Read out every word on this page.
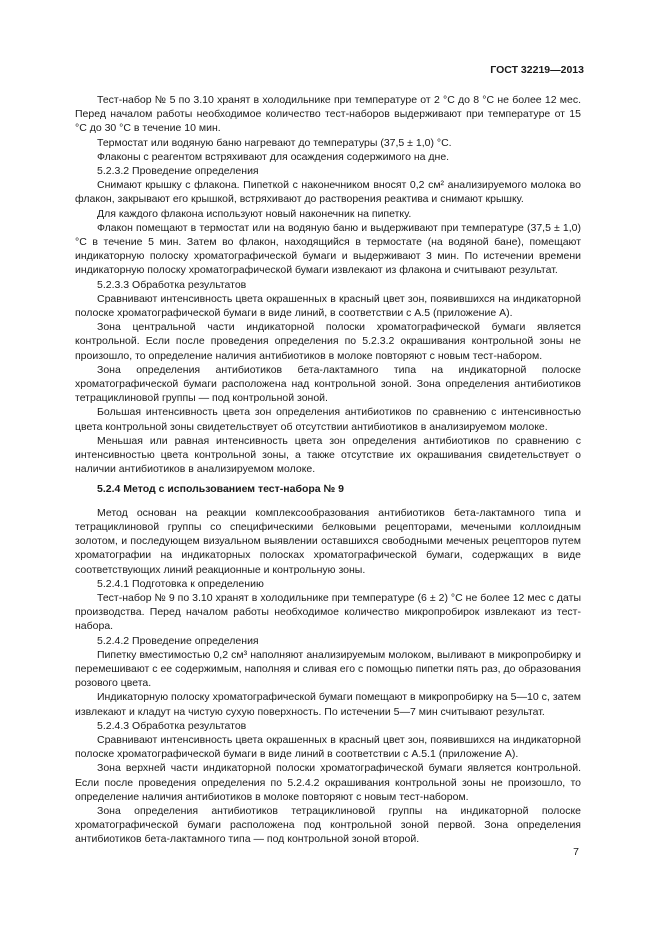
ГОСТ 32219—2013

Тест-набор № 5 по 3.10 хранят в холодильнике при температуре от 2 °С до 8 °С не более 12 мес. Перед началом работы необходимое количество тест-наборов выдерживают при температуре от 15 °С до 30 °С в течение 10 мин.

Термостат или водяную баню нагревают до температуры (37,5 ± 1,0) °С.

Флаконы с реагентом встряхивают для осаждения содержимого на дне.

5.2.3.2 Проведение определения

Снимают крышку с флакона. Пипеткой с наконечником вносят 0,2 см² анализируемого молока во флакон, закрывают его крышкой, встряхивают до растворения реактива и снимают крышку.

Для каждого флакона используют новый наконечник на пипетку.

Флакон помещают в термостат или на водяную баню и выдерживают при температуре (37,5 ± 1,0) °С в течение 5 мин. Затем во флакон, находящийся в термостате (на водяной бане), помещают индикаторную полоску хроматографической бумаги и выдерживают 3 мин. По истечении времени индикаторную полоску хроматографической бумаги извлекают из флакона и считывают результат.

5.2.3.3 Обработка результатов

Сравнивают интенсивность цвета окрашенных в красный цвет зон, появившихся на индикаторной полоске хроматографической бумаги в виде линий, в соответствии с А.5 (приложение А).

Зона центральной части индикаторной полоски хроматографической бумаги является контрольной. Если после проведения определения по 5.2.3.2 окрашивания контрольной зоны не произошло, то определение наличия антибиотиков в молоке повторяют с новым тест-набором.

Зона определения антибиотиков бета-лактамного типа на индикаторной полоске хроматографической бумаги расположена над контрольной зоной. Зона определения антибиотиков тетрациклиновой группы — под контрольной зоной.

Большая интенсивность цвета зон определения антибиотиков по сравнению с интенсивностью цвета контрольной зоны свидетельствует об отсутствии антибиотиков в анализируемом молоке.

Меньшая или равная интенсивность цвета зон определения антибиотиков по сравнению с интенсивностью цвета контрольной зоны, а также отсутствие их окрашивания свидетельствует о наличии антибиотиков в анализируемом молоке.

5.2.4 Метод с использованием тест-набора № 9

Метод основан на реакции комплексообразования антибиотиков бета-лактамного типа и тетрациклиновой группы со специфическими белковыми рецепторами, мечеными коллоидным золотом, и последующем визуальном выявлении оставшихся свободными меченых рецепторов путем хроматографии на индикаторных полосках хроматографической бумаги, содержащих в виде соответствующих линий реакционные и контрольную зоны.

5.2.4.1 Подготовка к определению

Тест-набор № 9 по 3.10 хранят в холодильнике при температуре (6 ± 2) °С не более 12 мес с даты производства. Перед началом работы необходимое количество микропробирок извлекают из тест-набора.

5.2.4.2 Проведение определения

Пипетку вместимостью 0,2 см³ наполняют анализируемым молоком, выливают в микропробирку и перемешивают с ее содержимым, наполняя и сливая его с помощью пипетки пять раз, до образования розового цвета.

Индикаторную полоску хроматографической бумаги помещают в микропробирку на 5—10 с, затем извлекают и кладут на чистую сухую поверхность. По истечении 5—7 мин считывают результат.

5.2.4.3 Обработка результатов

Сравнивают интенсивность цвета окрашенных в красный цвет зон, появившихся на индикаторной полоске хроматографической бумаги в виде линий в соответствии с А.5.1 (приложение А).

Зона верхней части индикаторной полоски хроматографической бумаги является контрольной. Если после проведения определения по 5.2.4.2 окрашивания контрольной зоны не произошло, то определение наличия антибиотиков в молоке повторяют с новым тест-набором.

Зона определения антибиотиков тетрациклиновой группы на индикаторной полоске хроматографической бумаги расположена под контрольной зоной первой. Зона определения антибиотиков бета-лактамного типа — под контрольной зоной второй.

7
